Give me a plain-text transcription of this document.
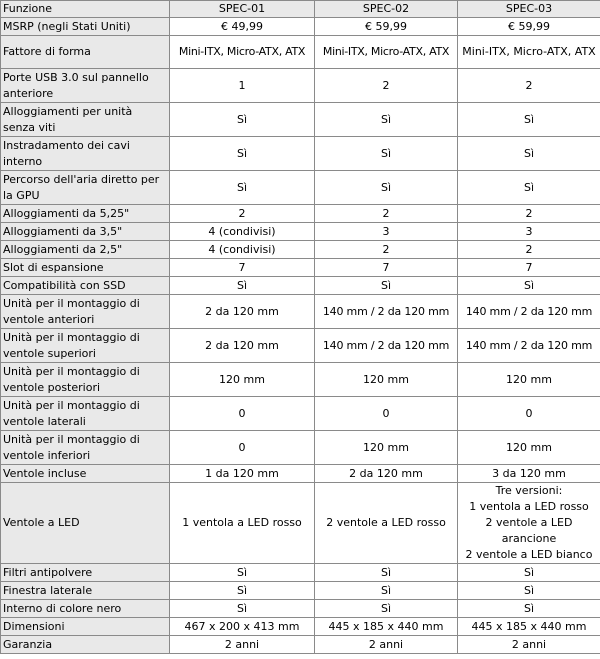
Funzione	SPEC-01	SPEC-02	SPEC-03
MSRP (negli Stati Uniti)	€ 49,99	€ 59,99	€ 59,99
Fattore di forma	Mini-ITX, Micro-ATX, ATX	Mini-ITX, Micro-ATX, ATX	Mini-ITX, Micro-ATX, ATX
Porte USB 3.0 sul pannello anteriore	1	2	2
Alloggiamenti per unità senza viti	Sì	Sì	Sì
Instradamento dei cavi interno	Sì	Sì	Sì
Percorso dell'aria diretto per la GPU	Sì	Sì	Sì
Alloggiamenti da 5,25"	2	2	2
Alloggiamenti da 3,5"	4 (condivisi)	3	3
Alloggiamenti da 2,5"	4 (condivisi)	2	2
Slot di espansione	7	7	7
Compatibilità con SSD	Sì	Sì	Sì
Unità per il montaggio di ventole anteriori	2 da 120 mm	140 mm / 2 da 120 mm	140 mm / 2 da 120 mm
Unità per il montaggio di ventole superiori	2 da 120 mm	140 mm / 2 da 120 mm	140 mm / 2 da 120 mm
Unità per il montaggio di ventole posteriori	120 mm	120 mm	120 mm
Unità per il montaggio di ventole laterali	0	0	0
Unità per il montaggio di ventole inferiori	0	120 mm	120 mm
Ventole incluse	1 da 120 mm	2 da 120 mm	3 da 120 mm
Ventole a LED	1 ventola a LED rosso	2 ventole a LED rosso	Tre versioni:
1 ventola a LED rosso
2 ventole a LED arancione
2 ventole a LED bianco
Filtri antipolvere	Sì	Sì	Sì
Finestra laterale	Sì	Sì	Sì
Interno di colore nero	Sì	Sì	Sì
Dimensioni	467 x 200 x 413 mm	445 x 185 x 440 mm	445 x 185 x 440 mm
Garanzia	2 anni	2 anni	2 anni
